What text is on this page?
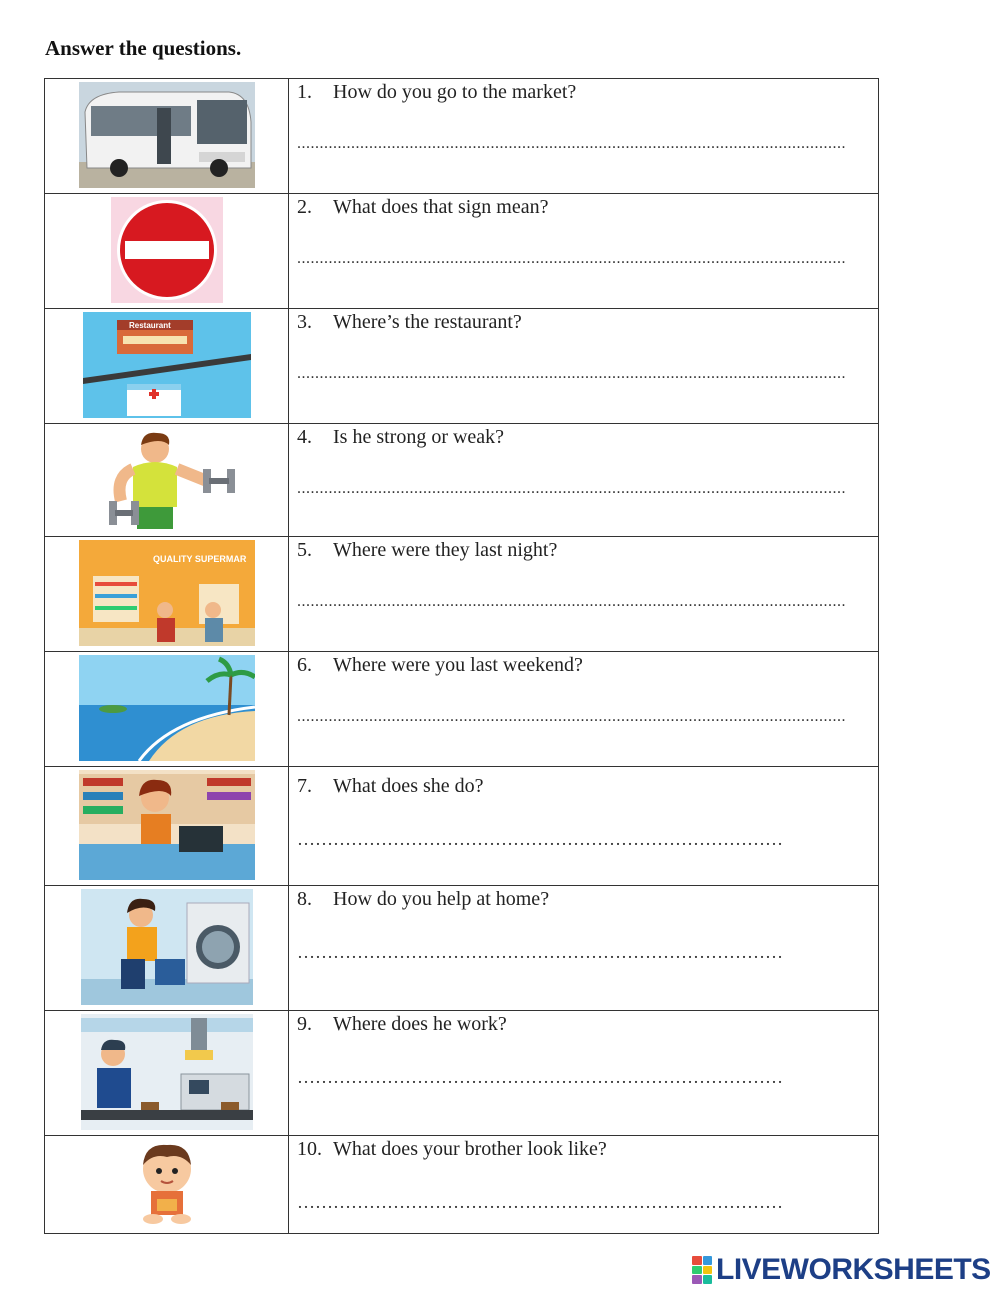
Answer the questions.

1. How do you go to the market?
..........................................................................................................................

2. What does that sign mean?
..........................................................................................................................

Restaurant	3. Where’s the restaurant?
..........................................................................................................................

4. Is he strong or weak?
..........................................................................................................................

QUALITY SUPERMAR	5. Where were they last night?
..........................................................................................................................

6. Where were you last weekend?
..........................................................................................................................

7. What does she do?
………………………………………………………………………

8. How do you help at home?
………………………………………………………………………

9. Where does he work?
………………………………………………………………………

10. What does your brother look like?
………………………………………………………………………
LIVEWORKSHEETS
